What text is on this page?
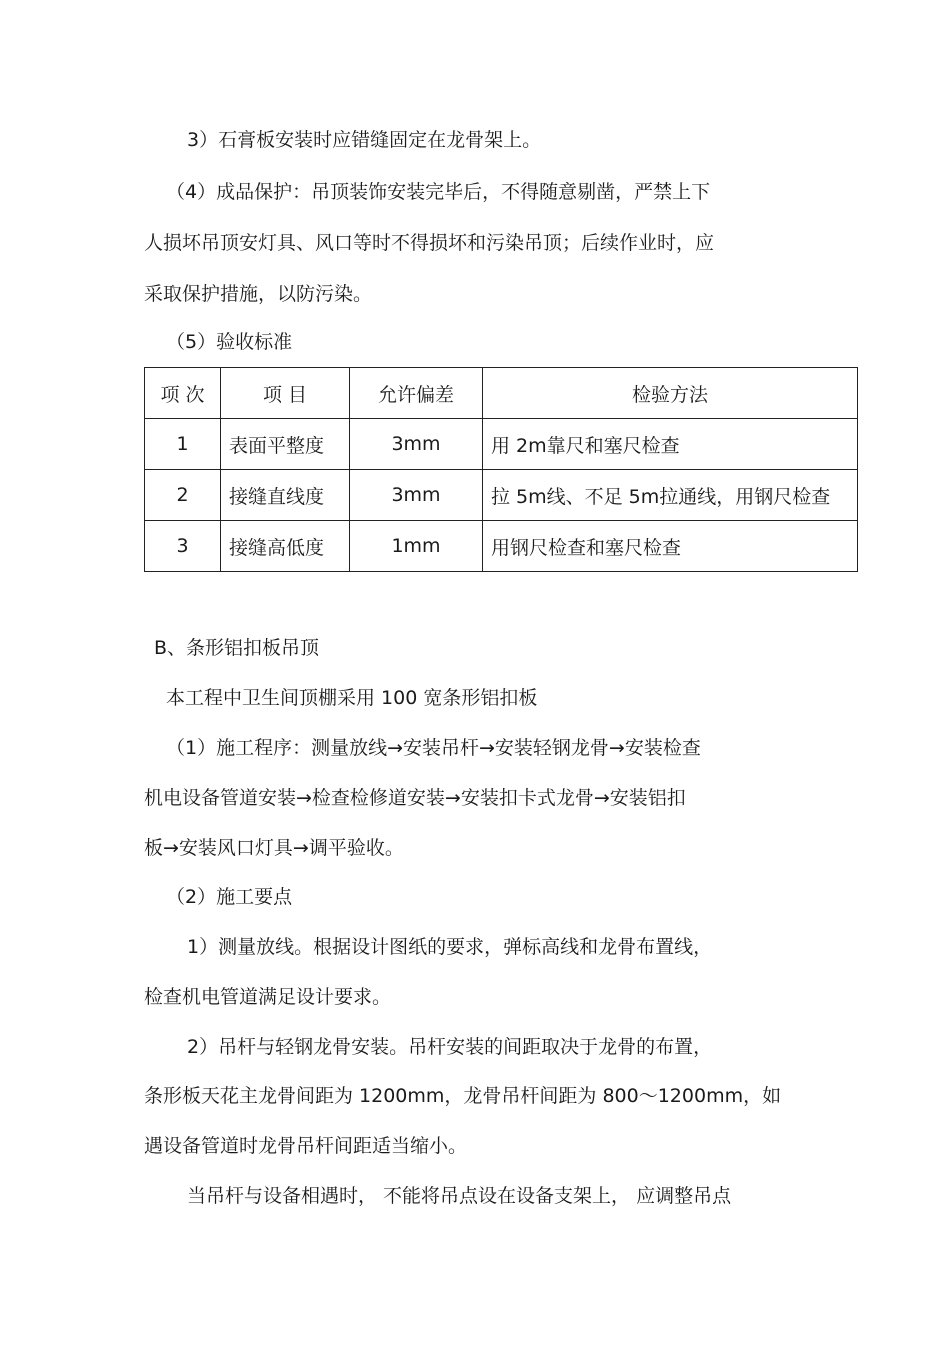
3）石膏板安装时应错缝固定在龙骨架上。
（4）成品保护：吊顶装饰安装完毕后，不得随意剔凿，严禁上下
人损坏吊顶安灯具、风口等时不得损坏和污染吊顶；后续作业时，应
采取保护措施，以防污染。
（5）验收标准
项 次	项 目	允许偏差	检验方法
1	表面平整度	3mm	用 2m靠尺和塞尺检查
2	接缝直线度	3mm	拉 5m线、不足 5m拉通线，用钢尺检查
3	接缝高低度	1mm	用钢尺检查和塞尺检查
B、条形铝扣板吊顶
本工程中卫生间顶棚采用 100 宽条形铝扣板
（1）施工程序：测量放线→安装吊杆→安装轻钢龙骨→安装检查
机电设备管道安装→检查检修道安装→安装扣卡式龙骨→安装铝扣
板→安装风口灯具→调平验收。
（2）施工要点
1）测量放线。根据设计图纸的要求，弹标高线和龙骨布置线，
检查机电管道满足设计要求。
2）吊杆与轻钢龙骨安装。吊杆安装的间距取决于龙骨的布置，
条形板天花主龙骨间距为 1200mm，龙骨吊杆间距为 800～1200mm，如
遇设备管道时龙骨吊杆间距适当缩小。
当吊杆与设备相遇时， 不能将吊点设在设备支架上， 应调整吊点
